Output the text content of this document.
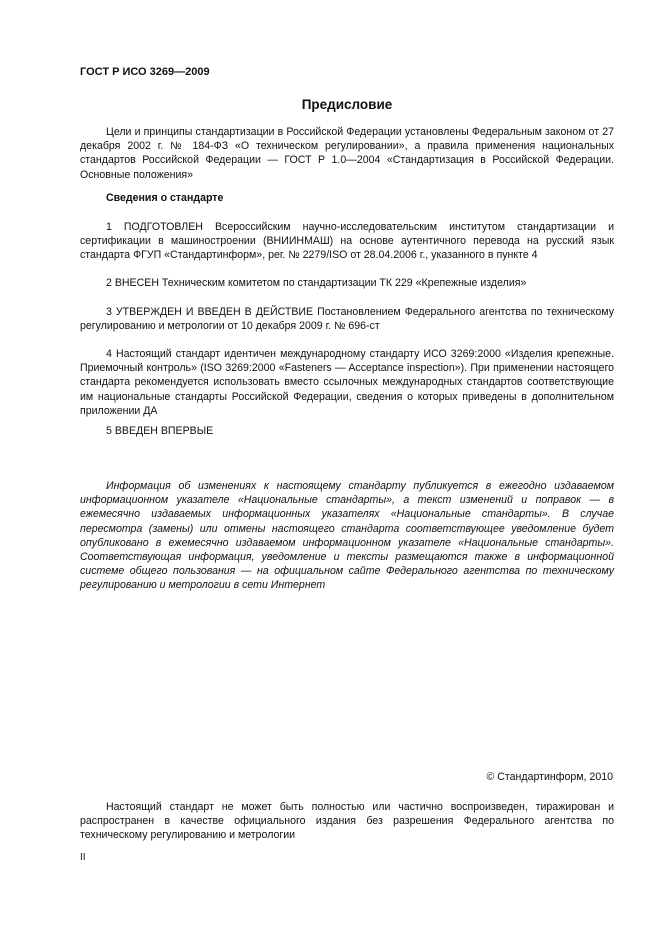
ГОСТ Р ИСО 3269—2009
Предисловие

Цели и принципы стандартизации в Российской Федерации установлены Федеральным законом от 27 декабря 2002 г. № 184-ФЗ «О техническом регулировании», а правила применения национальных стандартов Российской Федерации — ГОСТ Р 1.0—2004 «Стандартизация в Российской Федерации. Основные положения»

Сведения о стандарте

1 ПОДГОТОВЛЕН Всероссийским научно-исследовательским институтом стандартизации и сертификации в машиностроении (ВНИИНМАШ) на основе аутентичного перевода на русский язык стандарта ФГУП «Стандартинформ», рег. № 2279/ISO от 28.04.2006 г., указанного в пункте 4

2 ВНЕСЕН Техническим комитетом по стандартизации ТК 229 «Крепежные изделия»

3 УТВЕРЖДЕН И ВВЕДЕН В ДЕЙСТВИЕ Постановлением Федерального агентства по техническому регулированию и метрологии от 10 декабря 2009 г. № 696-ст

4 Настоящий стандарт идентичен международному стандарту ИСО 3269:2000 «Изделия крепежные. Приемочный контроль» (ISO 3269:2000 «Fasteners — Acceptance inspection»). При применении настоящего стандарта рекомендуется использовать вместо ссылочных международных стандартов соответствующие им национальные стандарты Российской Федерации, сведения о которых приведены в дополнительном приложении ДА

5 ВВЕДЕН ВПЕРВЫЕ

Информация об изменениях к настоящему стандарту публикуется в ежегодно издаваемом информационном указателе «Национальные стандарты», а текст изменений и поправок — в ежемесячно издаваемых информационных указателях «Национальные стандарты». В случае пересмотра (замены) или отмены настоящего стандарта соответствующее уведомление будет опубликовано в ежемесячно издаваемом информационном указателе «Национальные стандарты». Соответствующая информация, уведомление и тексты размещаются также в информационной системе общего пользования — на официальном сайте Федерального агентства по техническому регулированию и метрологии в сети Интернет

© Стандартинформ, 2010

Настоящий стандарт не может быть полностью или частично воспроизведен, тиражирован и распространен в качестве официального издания без разрешения Федерального агентства по техническому регулированию и метрологии

II
